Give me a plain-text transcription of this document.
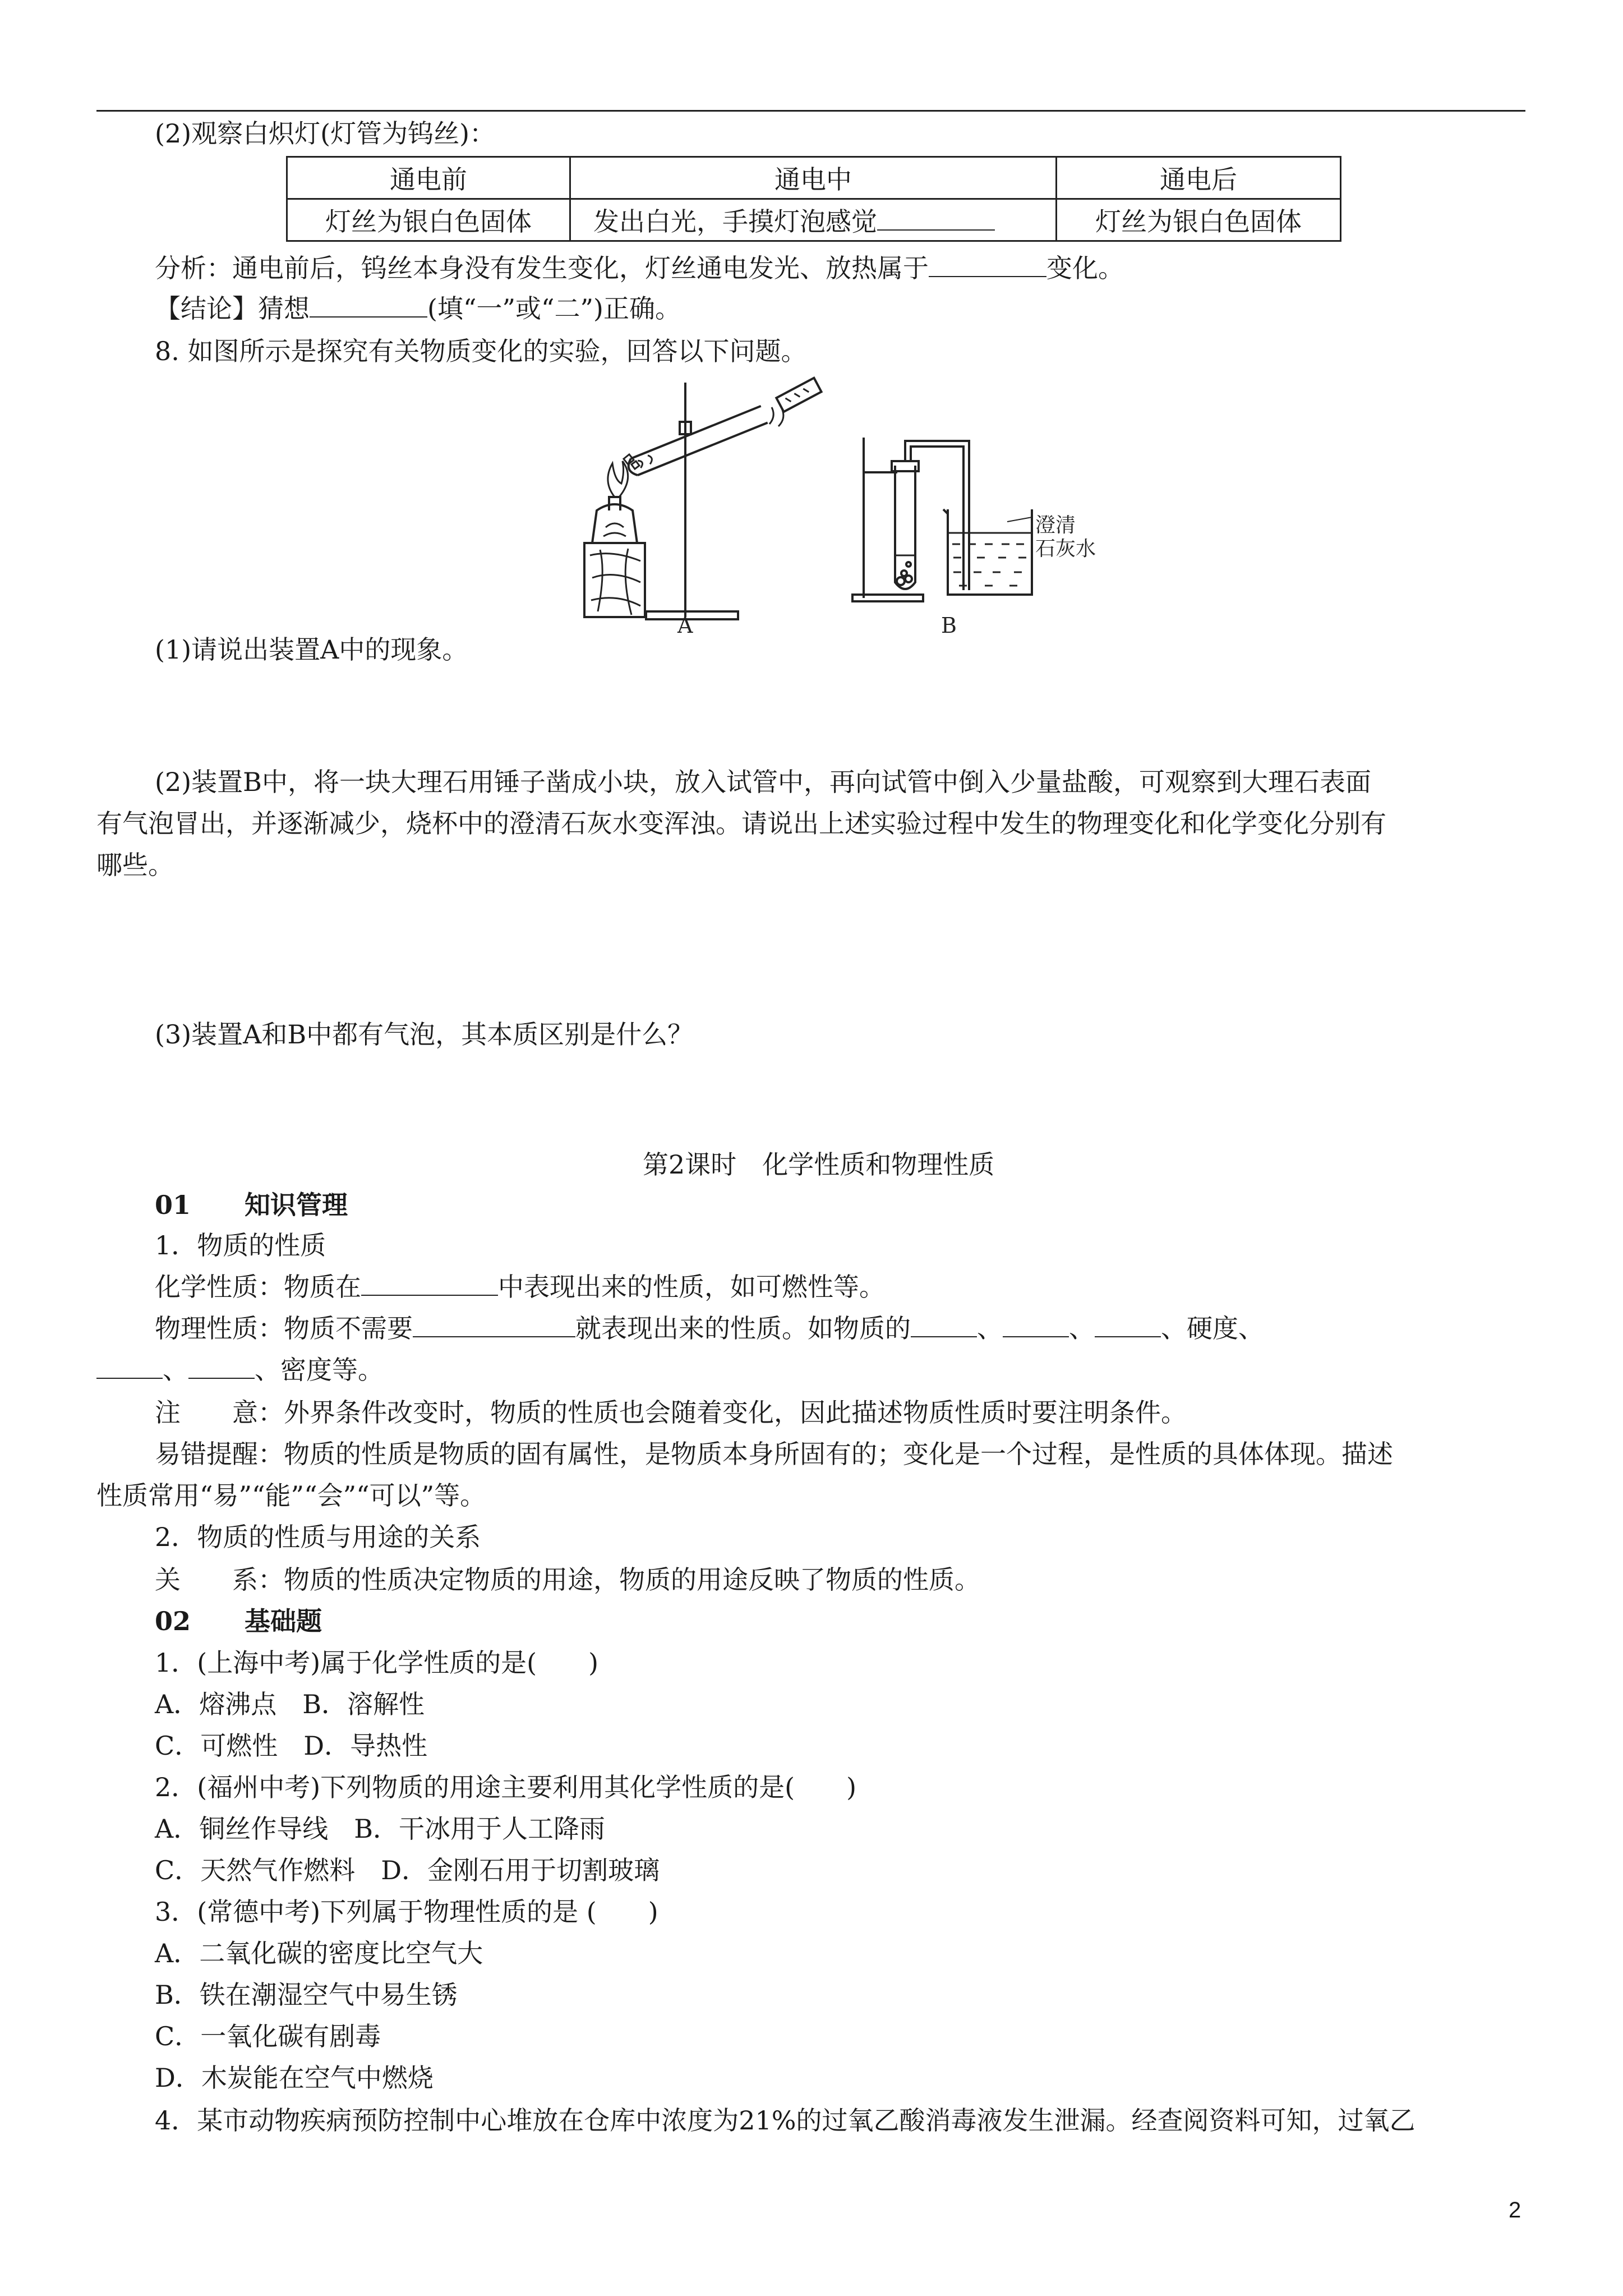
(2)观察白炽灯(灯管为钨丝)：
通电前	通电中	通电后
灯丝为银白色固体	发出白光，手摸灯泡感觉	灯丝为银白色固体
分析：通电前后，钨丝本身没有发生变化，灯丝通电发光、放热属于	变化。
【结论】猜想	(填“一”或“二”)正确。
8. 如图所示是探究有关物质变化的实验，回答以下问题。
A
澄清
石灰水
B
(1)请说出装置A中的现象。
(2)装置B中，将一块大理石用锤子凿成小块，放入试管中，再向试管中倒入少量盐酸，可观察到大理石表面
有气泡冒出，并逐渐减少，烧杯中的澄清石灰水变浑浊。请说出上述实验过程中发生的物理变化和化学变化分别有
哪些。
(3)装置A和B中都有气泡，其本质区别是什么？
第2课时　化学性质和物理性质
01 知识管理
1．物质的性质
化学性质：物质在	中表现出来的性质，如可燃性等。
物理性质：物质不需要	就表现出来的性质。如物质的	、	、	、硬度、
、	、密度等。
注　　意：外界条件改变时，物质的性质也会随着变化，因此描述物质性质时要注明条件。
易错提醒：物质的性质是物质的固有属性，是物质本身所固有的；变化是一个过程，是性质的具体体现。描述
性质常用“易”“能”“会”“可以”等。
2．物质的性质与用途的关系
关　　系：物质的性质决定物质的用途，物质的用途反映了物质的性质。
02 基础题
1．(上海中考)属于化学性质的是(　　)
A．熔沸点　B．溶解性
C．可燃性　D．导热性
2．(福州中考)下列物质的用途主要利用其化学性质的是(　　)
A．铜丝作导线　B．干冰用于人工降雨
C．天然气作燃料　D．金刚石用于切割玻璃
3．(常德中考)下列属于物理性质的是 (　　)
A．二氧化碳的密度比空气大
B．铁在潮湿空气中易生锈
C．一氧化碳有剧毒
D．木炭能在空气中燃烧
4．某市动物疾病预防控制中心堆放在仓库中浓度为21%的过氧乙酸消毒液发生泄漏。经查阅资料可知，过氧乙
2
